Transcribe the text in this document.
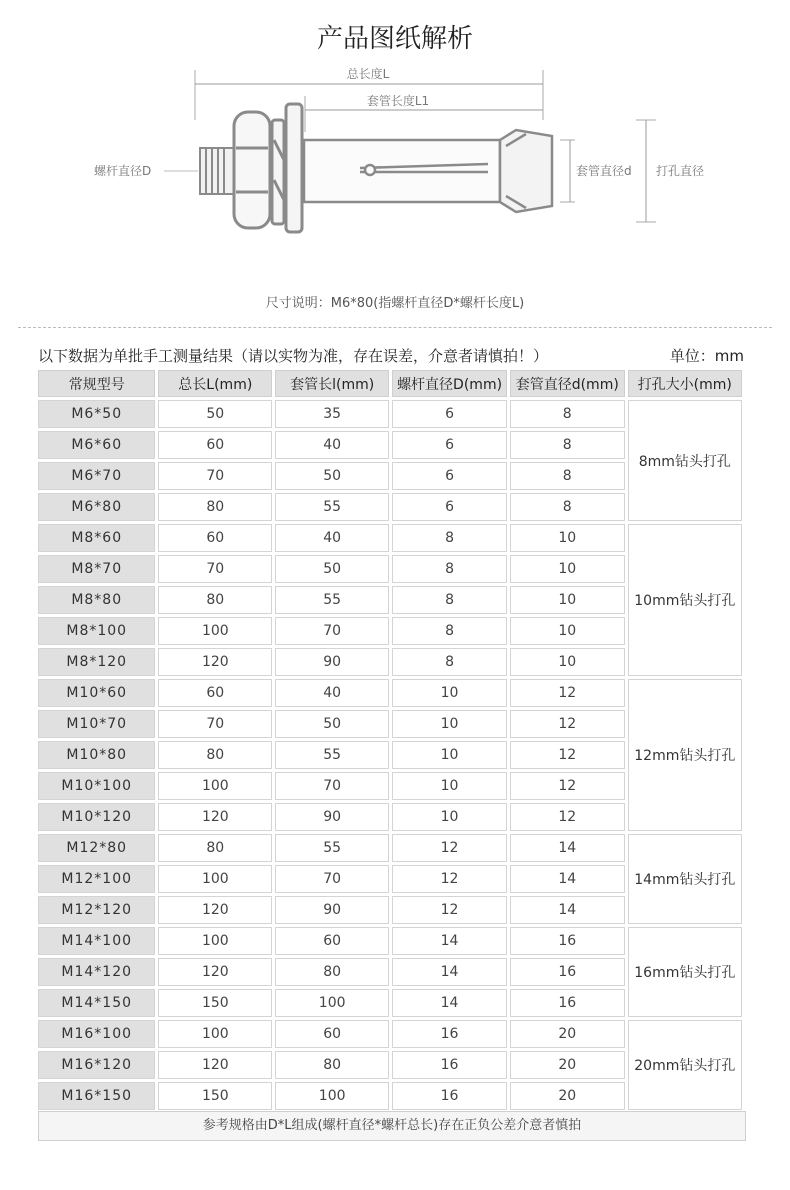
产品图纸解析
总长度L
套管长度L1
螺杆直径D	套管直径d 打孔直径
尺寸说明：M6*80(指螺杆直径D*螺杆长度L)
以下数据为单批手工测量结果（请以实物为准，存在误差，介意者请慎拍！）	单位：mm
常规型号	总长L(mm)	套管长l(mm)	螺杆直径D(mm)	套管直径d(mm)	打孔大小(mm)
M6*50	50	35	6	8	8mm钻头打孔
M6*60	60	40	6	8	
M6*70	70	50	6	8	
M6*80	80	55	6	8	
M8*60	60	40	8	10	10mm钻头打孔
M8*70	70	50	8	10	
M8*80	80	55	8	10	
M8*100	100	70	8	10	
M8*120	120	90	8	10	
M10*60	60	40	10	12	12mm钻头打孔
M10*70	70	50	10	12	
M10*80	80	55	10	12	
M10*100	100	70	10	12	
M10*120	120	90	10	12	
M12*80	80	55	12	14	14mm钻头打孔
M12*100	100	70	12	14	
M12*120	120	90	12	14	
M14*100	100	60	14	16	16mm钻头打孔
M14*120	120	80	14	16	
M14*150	150	100	14	16	
M16*100	100	60	16	20	20mm钻头打孔
M16*120	120	80	16	20	
M16*150	150	100	16	20	
参考规格由D*L组成(螺杆直径*螺杆总长)存在正负公差介意者慎拍
